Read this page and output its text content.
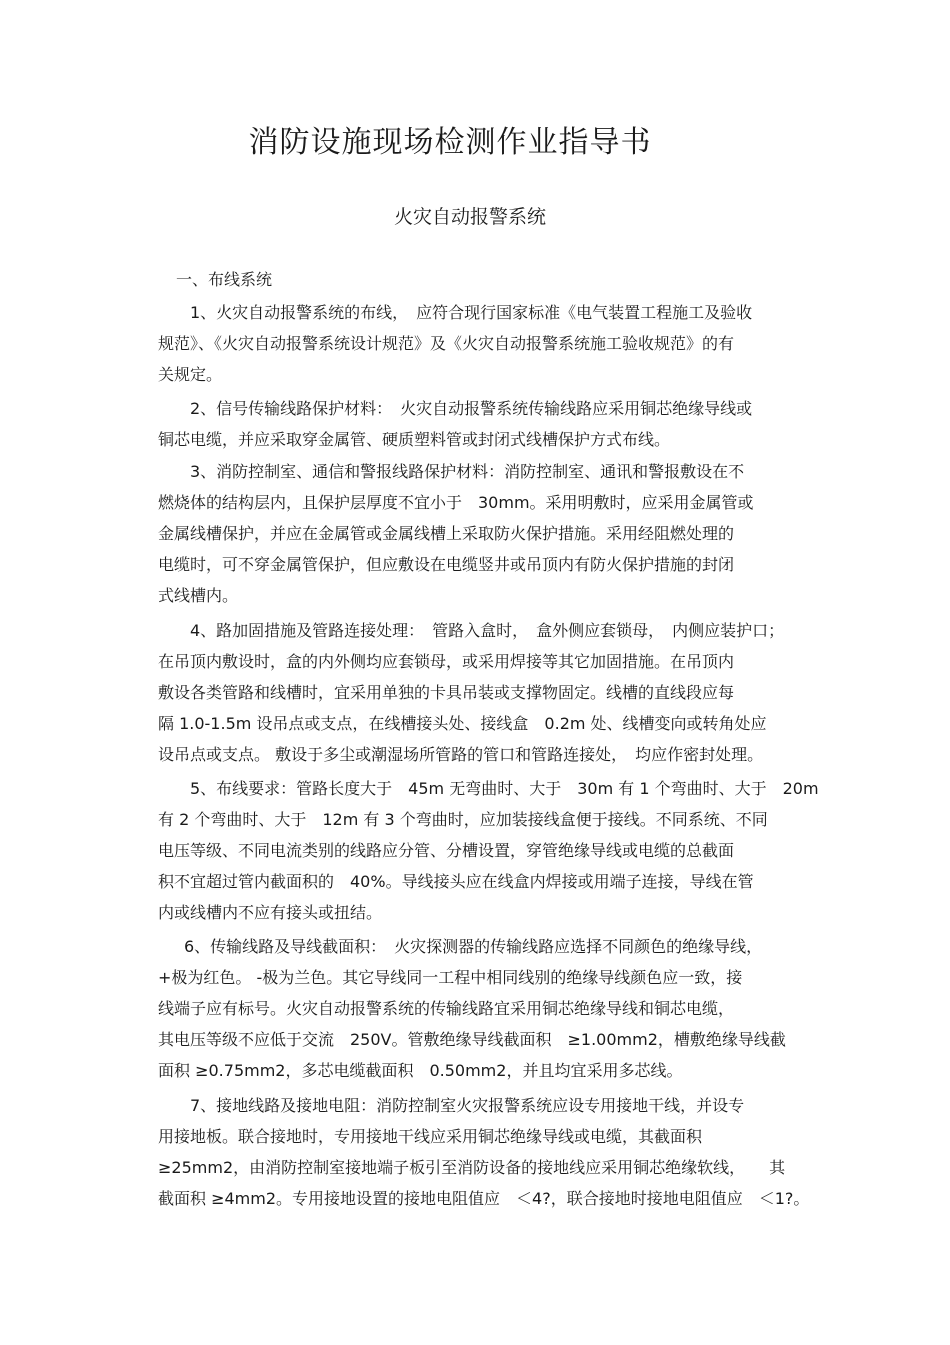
消防设施现场检测作业指导书
火灾自动报警系统
一、布线系统
1、火灾自动报警系统的布线，　应符合现行国家标准《电气装置工程施工及验收
规范》、《火灾自动报警系统设计规范》及《火灾自动报警系统施工验收规范》的有
关规定。
2、信号传输线路保护材料：　火灾自动报警系统传输线路应采用铜芯绝缘导线或
铜芯电缆，并应采取穿金属管、硬质塑料管或封闭式线槽保护方式布线。
3、消防控制室、通信和警报线路保护材料：消防控制室、通讯和警报敷设在不
燃烧体的结构层内，且保护层厚度不宜小于　30mm。采用明敷时，应采用金属管或
金属线槽保护，并应在金属管或金属线槽上采取防火保护措施。采用经阻燃处理的
电缆时，可不穿金属管保护，但应敷设在电缆竖井或吊顶内有防火保护措施的封闭
式线槽内。
4、路加固措施及管路连接处理：　管路入盒时，　盒外侧应套锁母，　内侧应装护口；
在吊顶内敷设时，盒的内外侧均应套锁母，或采用焊接等其它加固措施。在吊顶内
敷设各类管路和线槽时，宜采用单独的卡具吊装或支撑物固定。线槽的直线段应每
隔 1.0-1.5m 设吊点或支点，在线槽接头处、接线盒　0.2m 处、线槽变向或转角处应
设吊点或支点。 敷设于多尘或潮湿场所管路的管口和管路连接处，　均应作密封处理。
5、布线要求：管路长度大于　45m 无弯曲时、大于　30m 有 1 个弯曲时、大于　20m
有 2 个弯曲时、大于　12m 有 3 个弯曲时，应加装接线盒便于接线。不同系统、不同
电压等级、不同电流类别的线路应分管、分槽设置，穿管绝缘导线或电缆的总截面
积不宜超过管内截面积的　40%。导线接头应在线盒内焊接或用端子连接，导线在管
内或线槽内不应有接头或扭结。
6、传输线路及导线截面积：　火灾探测器的传输线路应选择不同颜色的绝缘导线，
+极为红色。 -极为兰色。其它导线同一工程中相同线别的绝缘导线颜色应一致，接
线端子应有标号。火灾自动报警系统的传输线路宜采用铜芯绝缘导线和铜芯电缆，
其电压等级不应低于交流　250V。管敷绝缘导线截面积　≥1.00mm2，槽敷绝缘导线截
面积 ≥0.75mm2，多芯电缆截面积　0.50mm2，并且均宜采用多芯线。
7、接地线路及接地电阻：消防控制室火灾报警系统应设专用接地干线，并设专
用接地板。联合接地时，专用接地干线应采用铜芯绝缘导线或电缆，其截面积
≥25mm2，由消防控制室接地端子板引至消防设备的接地线应采用铜芯绝缘软线，　　其
截面积 ≥4mm2。专用接地设置的接地电阻值应　＜4?，联合接地时接地电阻值应　＜1?。
